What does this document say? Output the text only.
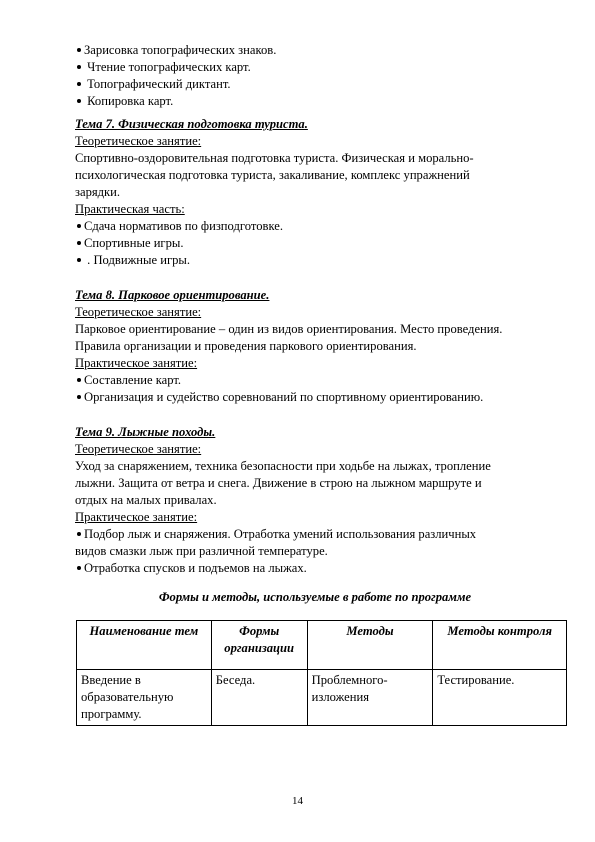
Зарисовка топографических знаков.
Чтение топографических карт.
Топографический диктант.
Копировка карт.
Тема 7. Физическая подготовка туриста.
Теоретическое занятие:
Спортивно-оздоровительная подготовка туриста. Физическая и морально-
психологическая подготовка туриста, закаливание, комплекс упражнений
зарядки.
Практическая часть:
Сдача нормативов по физподготовке.
Спортивные игры.
. Подвижные игры.
Тема 8. Парковое ориентирование.
Теоретическое занятие:
Парковое ориентирование – один из видов ориентирования. Место проведения.
Правила организации и проведения паркового ориентирования.
Практическое занятие:
Составление карт.
Организация и судейство соревнований по спортивному ориентированию.
Тема 9. Лыжные походы.
Теоретическое занятие:
Уход за снаряжением, техника безопасности при ходьбе на лыжах, тропление
лыжни. Защита от ветра и снега. Движение в строю на лыжном маршруте и
отдых на малых привалах.
Практическое занятие:
Подбор лыж и снаряжения. Отработка умений использования различных
видов смазки лыж при различной температуре.
Отработка спусков и подъемов на лыжах.
Формы и методы, используемые в работе по программе
Наименование тем	Формы организации	Методы	Методы контроля
Введение в образовательную программу.	Беседа.	Проблемного-изложения	Тестирование.
14
